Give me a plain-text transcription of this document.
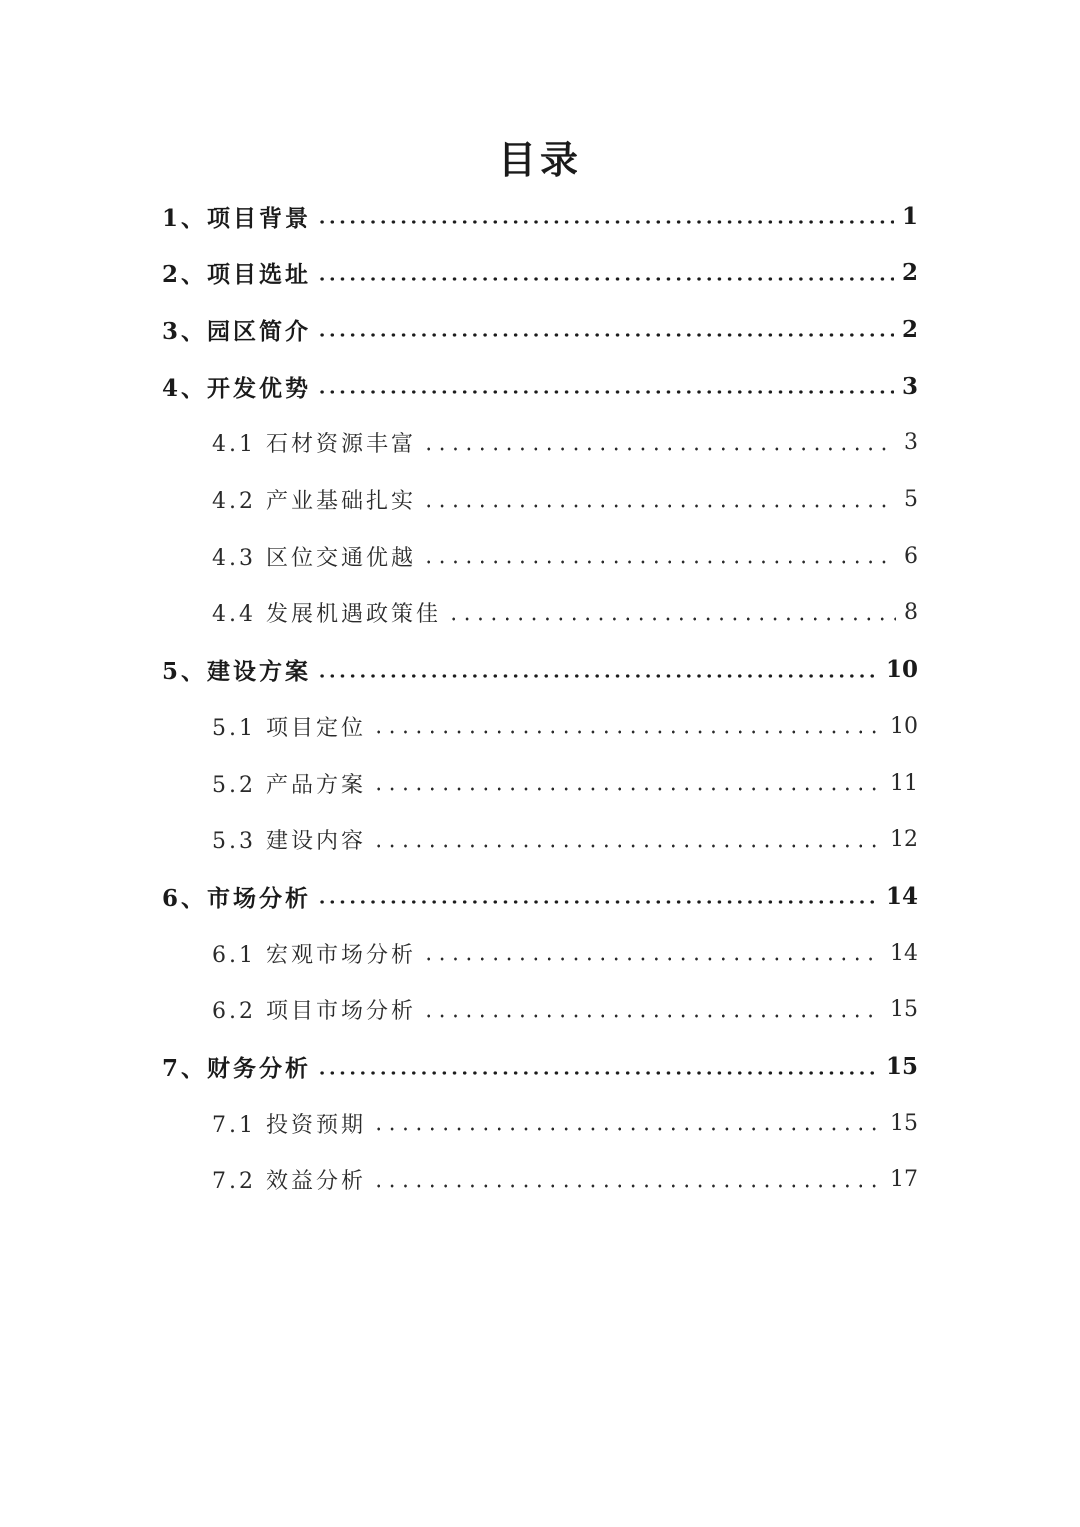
目录
1、项目背景	1
2、项目选址	2
3、园区简介	2
4、开发优势	3
4.1 石材资源丰富	3
4.2 产业基础扎实	5
4.3 区位交通优越	6
4.4 发展机遇政策佳	8
5、建设方案	10
5.1 项目定位	10
5.2 产品方案	11
5.3 建设内容	12
6、市场分析	14
6.1 宏观市场分析	14
6.2 项目市场分析	15
7、财务分析	15
7.1 投资预期	15
7.2 效益分析	17
